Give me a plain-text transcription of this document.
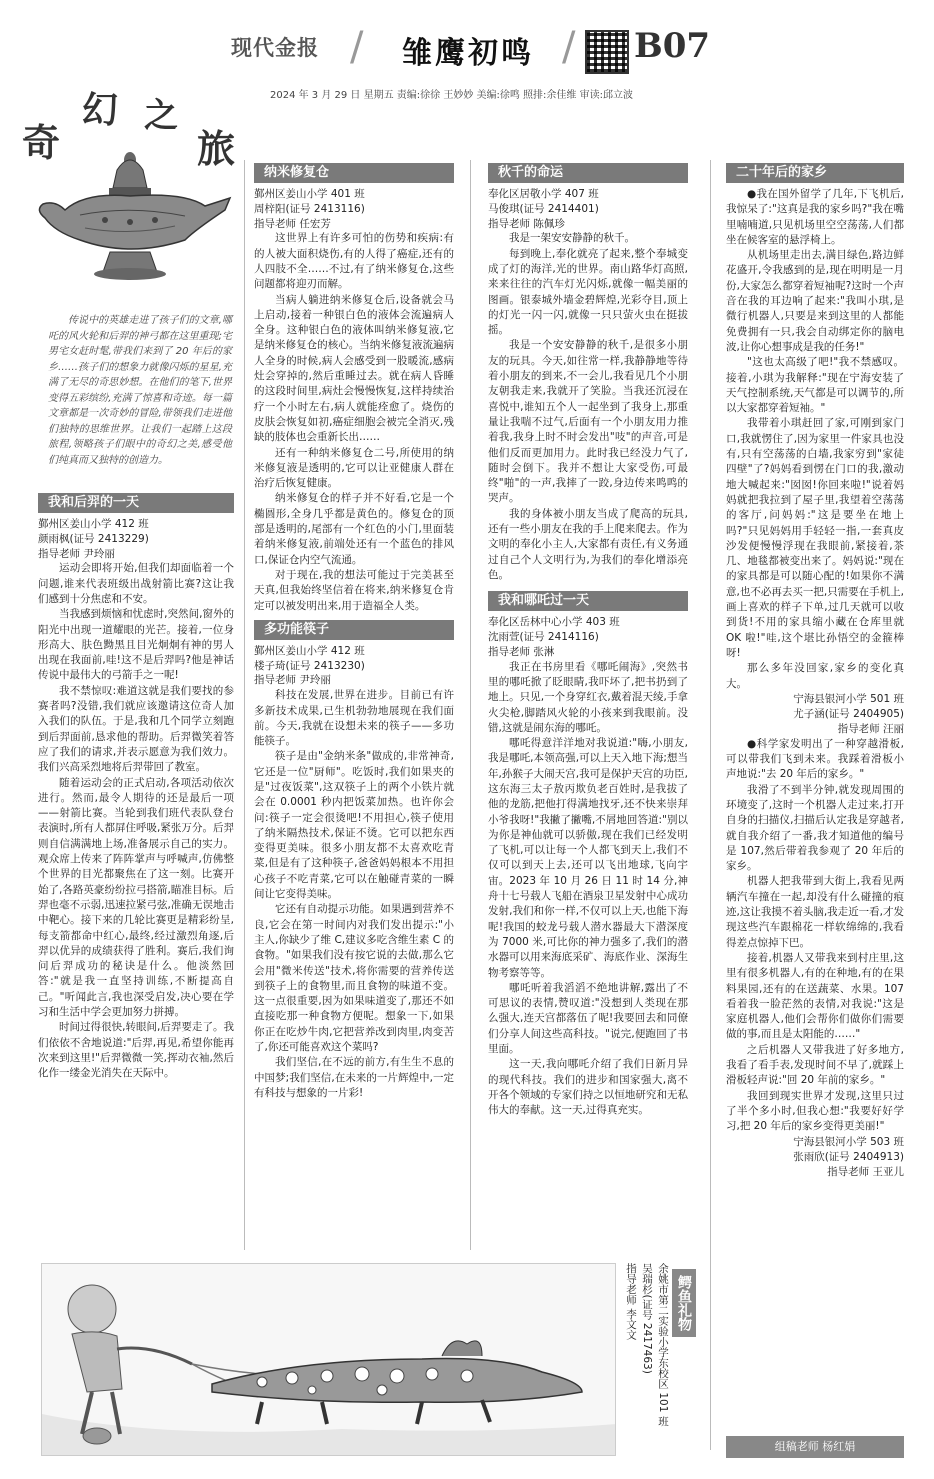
现代金报 / 雏鹰初鸣 / B07
2024 年 3 月 29 日 星期五 责编:徐徐 王妙妙 美编:徐鸣 照排:余佳维 审读:邱立波
奇
幻 之
旅
传说中的英雄走进了孩子们的文章,哪吒的风火轮和后羿的神弓都在这里重现;宅男宅女赶时髦,带我们来到了 20 年后的家乡……孩子们的想象力就像闪烁的星星,充满了无尽的奇思妙想。在他们的笔下,世界变得五彩缤纷,充满了惊喜和奇迹。每一篇文章都是一次奇妙的冒险,带领我们走进他们独特的思维世界。让我们一起踏上这段旅程,领略孩子们眼中的奇幻之美,感受他们纯真而又独特的创造力。
我和后羿的一天
鄞州区姜山小学 412 班
颜雨枫(证号 2413229)
指导老师 尹玲丽

运动会即将开始,但我们却面临着一个问题,谁来代表班级出战射箭比赛?这让我们感到十分焦虑和不安。

当我感到烦恼和忧虑时,突然间,窗外的阳光中出现一道耀眼的光芒。接着,一位身形高大、肤色黝黑且目光炯炯有神的男人出现在我面前,哇!这不是后羿吗?他是神话传说中最伟大的弓箭手之一呢!

我不禁惊叹:难道这就是我们要找的参赛者吗?没错,我们就应该邀请这位奇人加入我们的队伍。于是,我和几个同学立刻跑到后羿面前,恳求他的帮助。后羿微笑着答应了我们的请求,并表示愿意为我们效力。我们兴高采烈地将后羿带回了教室。

随着运动会的正式启动,各项活动依次进行。然而,最令人期待的还是最后一项——射箭比赛。当轮到我们班代表队登台表演时,所有人都屏住呼吸,紧张万分。后羿则自信满满地上场,准备展示自己的实力。观众席上传来了阵阵掌声与呼喊声,仿佛整个世界的目光都聚焦在了这一刻。比赛开始了,各路英豪纷纷拉弓搭箭,瞄准目标。后羿也毫不示弱,迅速拉紧弓弦,准确无误地击中靶心。接下来的几轮比赛更是精彩纷呈,每支箭都命中红心,最终,经过激烈角逐,后羿以优异的成绩获得了胜利。赛后,我们询问后羿成功的秘诀是什么。他淡然回答:"就是我一直坚持训练,不断提高自己。"听闻此言,我也深受启发,决心要在学习和生活中学会更加努力拼搏。

时间过得很快,转眼间,后羿要走了。我们依依不舍地说道:"后羿,再见,希望你能再次来到这里!"后羿微微一笑,挥动衣袖,然后化作一缕金光消失在天际中。

纳米修复仓
鄞州区姜山小学 401 班
周梓阳(证号 2413116)
指导老师 任宏芳

这世界上有许多可怕的伤势和疾病:有的人被大面积烧伤,有的人得了癌症,还有的人四肢不全……不过,有了纳米修复仓,这些问题都将迎刃而解。

当病人躺进纳米修复仓后,设备就会马上启动,接着一种银白色的液体会流遍病人全身。这种银白色的液体叫纳米修复液,它是纳米修复仓的核心。当纳米修复液流遍病人全身的时候,病人会感受到一股暖流,感病灶会穿掉的,然后重睡过去。就在病人昏睡的这段时间里,病灶会慢慢恢复,这样持续治疗一个小时左右,病人就能痊愈了。烧伤的皮肤会恢复如初,癌症细胞会被完全消灭,残缺的肢体也会重新长出……

还有一种纳米修复仓二号,所使用的纳米修复液是透明的,它可以让亚健康人群在治疗后恢复健康。

纳米修复仓的样子并不好看,它是一个椭圆形,全身几乎都是黄色的。修复仓的顶部是透明的,尾部有一个红色的小门,里面装着纳米修复液,前端处还有一个蓝色的排风口,保证仓内空气流通。

对于现在,我的想法可能过于完美甚至天真,但我始终坚信着在将来,纳米修复仓肯定可以被发明出来,用于造福全人类。

多功能筷子
鄞州区姜山小学 412 班
楼子琦(证号 2413230)
指导老师 尹玲丽

科技在发展,世界在进步。目前已有许多新技术成果,已生机勃勃地展现在我们面前。今天,我就在设想未来的筷子——多功能筷子。

筷子是由"金纳米条"做成的,非常神奇,它还是一位"厨师"。吃饭时,我们如果夹的是"过夜饭菜",这双筷子上的两个小铁片就会在 0.0001 秒内把饭菜加热。也许你会问:筷子一定会很烫吧!不用担心,筷子使用了纳米隔热技术,保证不烫。它可以把东西变得更美味。很多小朋友都不太喜欢吃青菜,但是有了这种筷子,爸爸妈妈根本不用担心孩子不吃青菜,它可以在触碰青菜的一瞬间让它变得美味。

它还有自动提示功能。如果遇到营养不良,它会在第一时间内对我们发出提示:"小主人,你缺少了维 C,建议多吃含维生素 C 的食物。"如果我们没有按它说的去做,那么它会用"微米传送"技术,将你需要的营养传送到筷子上的食物里,而且食物的味道不变。这一点很重要,因为如果味道变了,那还不如直接吃那一种食物方便呢。想象一下,如果你正在吃炒牛肉,它把营养改到肉里,肉变苦了,你还可能喜欢这个菜吗?

我们坚信,在不远的前方,有生生不息的中国梦;我们坚信,在未来的一片辉煌中,一定有科技与想象的一片彩!

秋千的命运
奉化区居敬小学 407 班
马俊琪(证号 2414401)
指导老师 陈佩珍

我是一架安安静静的秋千。

每到晚上,奉化就亮了起来,整个奉城变成了灯的海洋,光的世界。南山路华灯高照,来来往往的汽车灯光闪烁,就像一幅美丽的图画。银泰城外墙金碧辉煌,光彩夺目,顶上的灯光一闪一闪,就像一只只萤火虫在挺拔摇。

我是一个安安静静的秋千,是很多小朋友的玩具。今天,如往常一样,我静静地等待着小朋友的到来,不一会儿,我看见几个小朋友朝我走来,我就开了笑脸。当我还沉浸在喜悦中,谁知五个人一起坐到了我身上,那重量让我喘不过气,后面有一个小朋友用力推着我,我身上时不时会发出"吱"的声音,可是他们反而更加用力。此时我已经没力气了,随时会倒下。我并不想让大家受伤,可最终"啪"的一声,我摔了一跤,身边传来鸣鸣的哭声。

我的身体被小朋友当成了爬高的玩具,还有一些小朋友在我的手上爬来爬去。作为文明的奉化小主人,大家都有责任,有义务通过自己个人文明行为,为我们的奉化增添亮色。

我和哪吒过一天
奉化区岳林中心小学 403 班
沈雨萱(证号 2414116)
指导老师 张淋

我正在书房里看《哪吒闹海》,突然书里的哪吒掀了眨眼睛,我吓坏了,把书扔到了地上。只见,一个身穿红衣,戴着混天绫,手拿火尖枪,脚踏风火轮的小孩来到我眼前。没错,这就是闹东海的哪吒。

哪吒得意洋洋地对我说道:"嗨,小朋友,我是哪吒,本领高强,可以上天入地下海;想当年,孙猴子大闹天宫,我可是保护天宫的功臣,这东海三太子敖丙欺负老百姓时,是我拔了他的龙筋,把他打得满地找牙,还不快来崇拜小爷我呀!"我撇了撇嘴,不屑地回答道:"别以为你是神仙就可以骄傲,现在我们已经发明了飞机,可以让每一个人都飞到天上,我们不仅可以到天上去,还可以飞出地球,飞向宇宙。2023 年 10 月 26 日 11 时 14 分,神舟十七号载人飞船在酒泉卫星发射中心成功发射,我们和你一样,不仅可以上天,也能下海呢!我国的蛟龙号载人潜水器最大下潜深度为 7000 米,可比你的神力强多了,我们的潜水器可以用来海底采矿、海底作业、深海生物考察等等。

哪吒听着我滔滔不绝地讲解,露出了不可思议的表情,赞叹道:"没想到人类现在那么强大,连天宫都落伍了呢!我要回去和同僚们分享人间这些高科技。"说完,便跑回了书里面。

这一天,我向哪吒介绍了我们日新月异的现代科技。我们的进步和国家强大,离不开各个领域的专家们持之以恒地研究和无私伟大的奉献。这一天,过得真充实。

二十年后的家乡

●我在国外留学了几年,下飞机后,我惊呆了:"这真是我的家乡吗?"我在嘴里喃喃道,只见机场里空空荡荡,人们都坐在候客室的悬浮椅上。

从机场里走出去,满目绿色,路边鲜花盛开,令我感到的是,现在明明是一月份,大家怎么都穿着短袖呢?这时一个声音在我的耳边响了起来:"我叫小琪,是微行机器人,只要是来到这里的人都能免费拥有一只,我会自动绑定你的脑电波,让你心想事成是我的任务!"

"这也太高级了吧!"我不禁感叹。接着,小琪为我解释:"现在宁海安装了天气控制系统,天气都是可以调节的,所以大家都穿着短袖。"

我带着小琪赶回了家,可刚到家门口,我就愣住了,因为家里一件家具也没有,只有空荡荡的白墙,我家穷到"家徒四壁"了?妈妈看到愣在门口的我,激动地大喊起来:"囡囡!你回来啦!"说着妈妈就把我拉到了屋子里,我望着空荡荡的客厅,问妈妈:"这是要坐在地上吗?"只见妈妈用手轻轻一指,一套真皮沙发便慢慢浮现在我眼前,紧接着,茶几、地毯都被变出来了。妈妈说:"现在的家具都是可以随心配的!如果你不满意,也不必再去买一把,只需要在手机上,画上喜欢的样子下单,过几天就可以收到货!不用的家具缩小藏在仓库里就 OK 啦!"哇,这个堪比孙悟空的金箍棒呀!

那么多年没回家,家乡的变化真大。

宁海县银河小学 501 班
尤子涵(证号 2404905)
指导老师 汪丽

●科学家发明出了一种穿越滑板,可以带我们飞到未来。我踩着滑板小声地说:"去 20 年后的家乡。"

我滑了不到半分钟,就发现周围的环境变了,这时一个机器人走过来,打开自身的扫描仪,扫描后认定我是穿越者,就自我介绍了一番,我才知道他的编号是 107,然后带着我参观了 20 年后的家乡。

机器人把我带到大街上,我看见两辆汽车撞在一起,却没有什么碰撞的痕迹,这让我摸不着头脑,我走近一看,才发现这些汽车跟棉花一样软绵绵的,我看得差点惊掉下巴。

接着,机器人又带我来到村庄里,这里有很多机器人,有的在种地,有的在果料果园,还有的在送蔬菜、水果。107 看着我一脸茫然的表情,对我说:"这是家庭机器人,他们会帮你们做你们需要做的事,而且是太阳能的……"

之后机器人又带我进了好多地方,我看了看手表,发现时间不早了,就踩上滑板轻声说:"回 20 年前的家乡。"

我回到现实世界才发现,这里只过了半个多小时,但我心想:"我要好好学习,把 20 年后的家乡变得更美丽!"

宁海县银河小学 503 班
张雨欣(证号 2404913)
指导老师 王亚儿
组稿老师 杨红娟
鳄鱼礼物
余姚市第二实验小学东校区 101 班
吴瑞杉(证号 2417463)
指导老师 李文文
